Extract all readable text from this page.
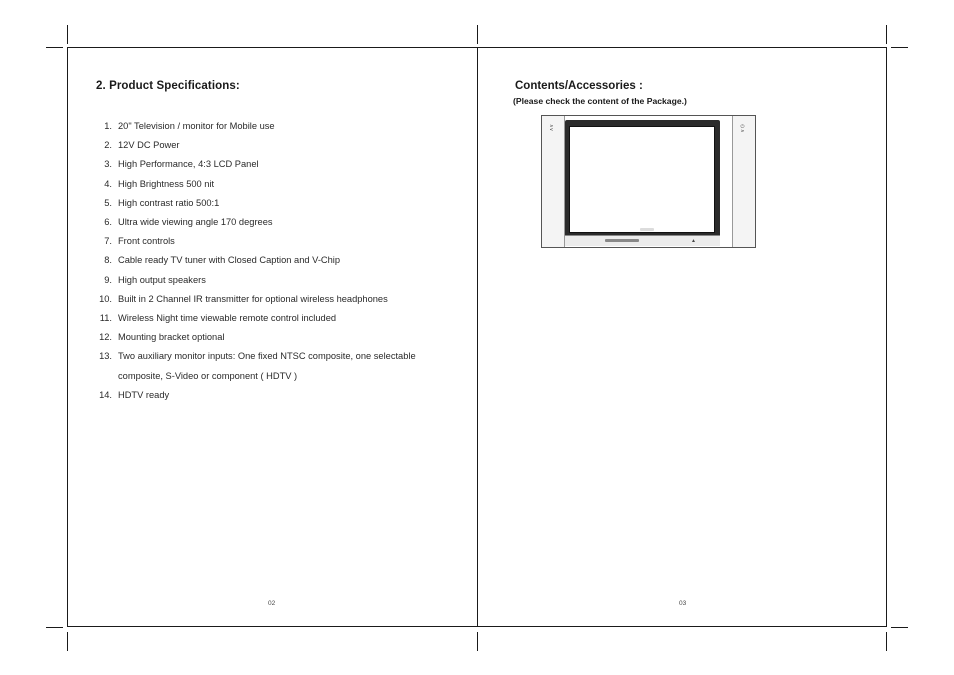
2. Product Specifications:
1. 20" Television / monitor for Mobile use
2. 12V DC Power
3. High Performance, 4:3 LCD Panel
4. High Brightness 500 nit
5. High contrast ratio 500:1
6. Ultra wide viewing angle 170 degrees
7. Front controls
8. Cable ready TV tuner with Closed Caption and V-Chip
9. High output speakers
10. Built in 2 Channel IR transmitter for optional wireless headphones
11. Wireless Night time viewable remote control included
12. Mounting bracket optional
13. Two auxiliary monitor inputs: One fixed NTSC composite, one selectable composite, S-Video or component ( HDTV )
14. HDTV ready
02
Contents/Accessories :
(Please check the content of the Package.)
∧∨
▲
⏻∧
03
